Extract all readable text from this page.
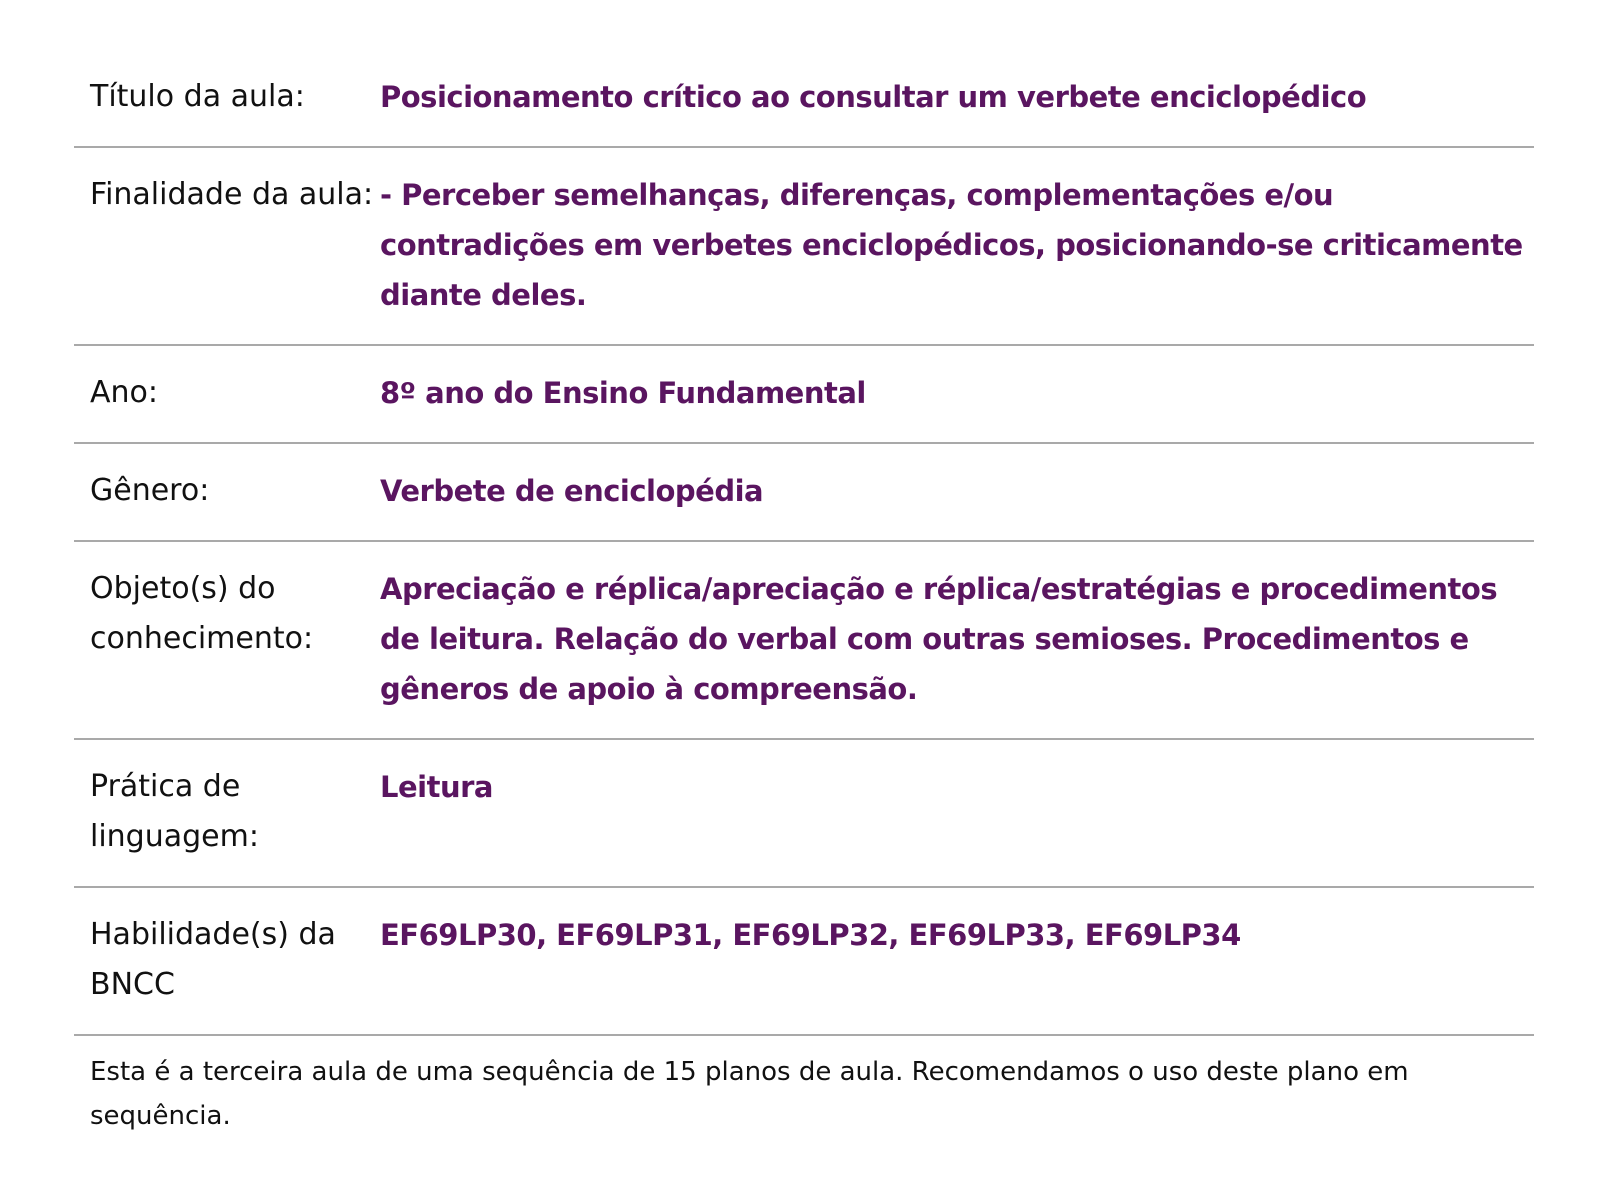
Título da aula:	Posicionamento crítico ao consultar um verbete enciclopédico
Finalidade da aula:	- Perceber semelhanças, diferenças, complementações e/ou contradições em verbetes enciclopédicos, posicionando-se criticamente diante deles.
Ano:	8º ano do Ensino Fundamental
Gênero:	Verbete de enciclopédia
Objeto(s) do conhecimento:	Apreciação e réplica/apreciação e réplica/estratégias e procedimentos de leitura. Relação do verbal com outras semioses. Procedimentos e gêneros de apoio à compreensão.
Prática de linguagem:	Leitura
Habilidade(s) da BNCC	EF69LP30, EF69LP31, EF69LP32, EF69LP33, EF69LP34
Esta é a terceira aula de uma sequência de 15 planos de aula. Recomendamos o uso deste plano em sequência.
